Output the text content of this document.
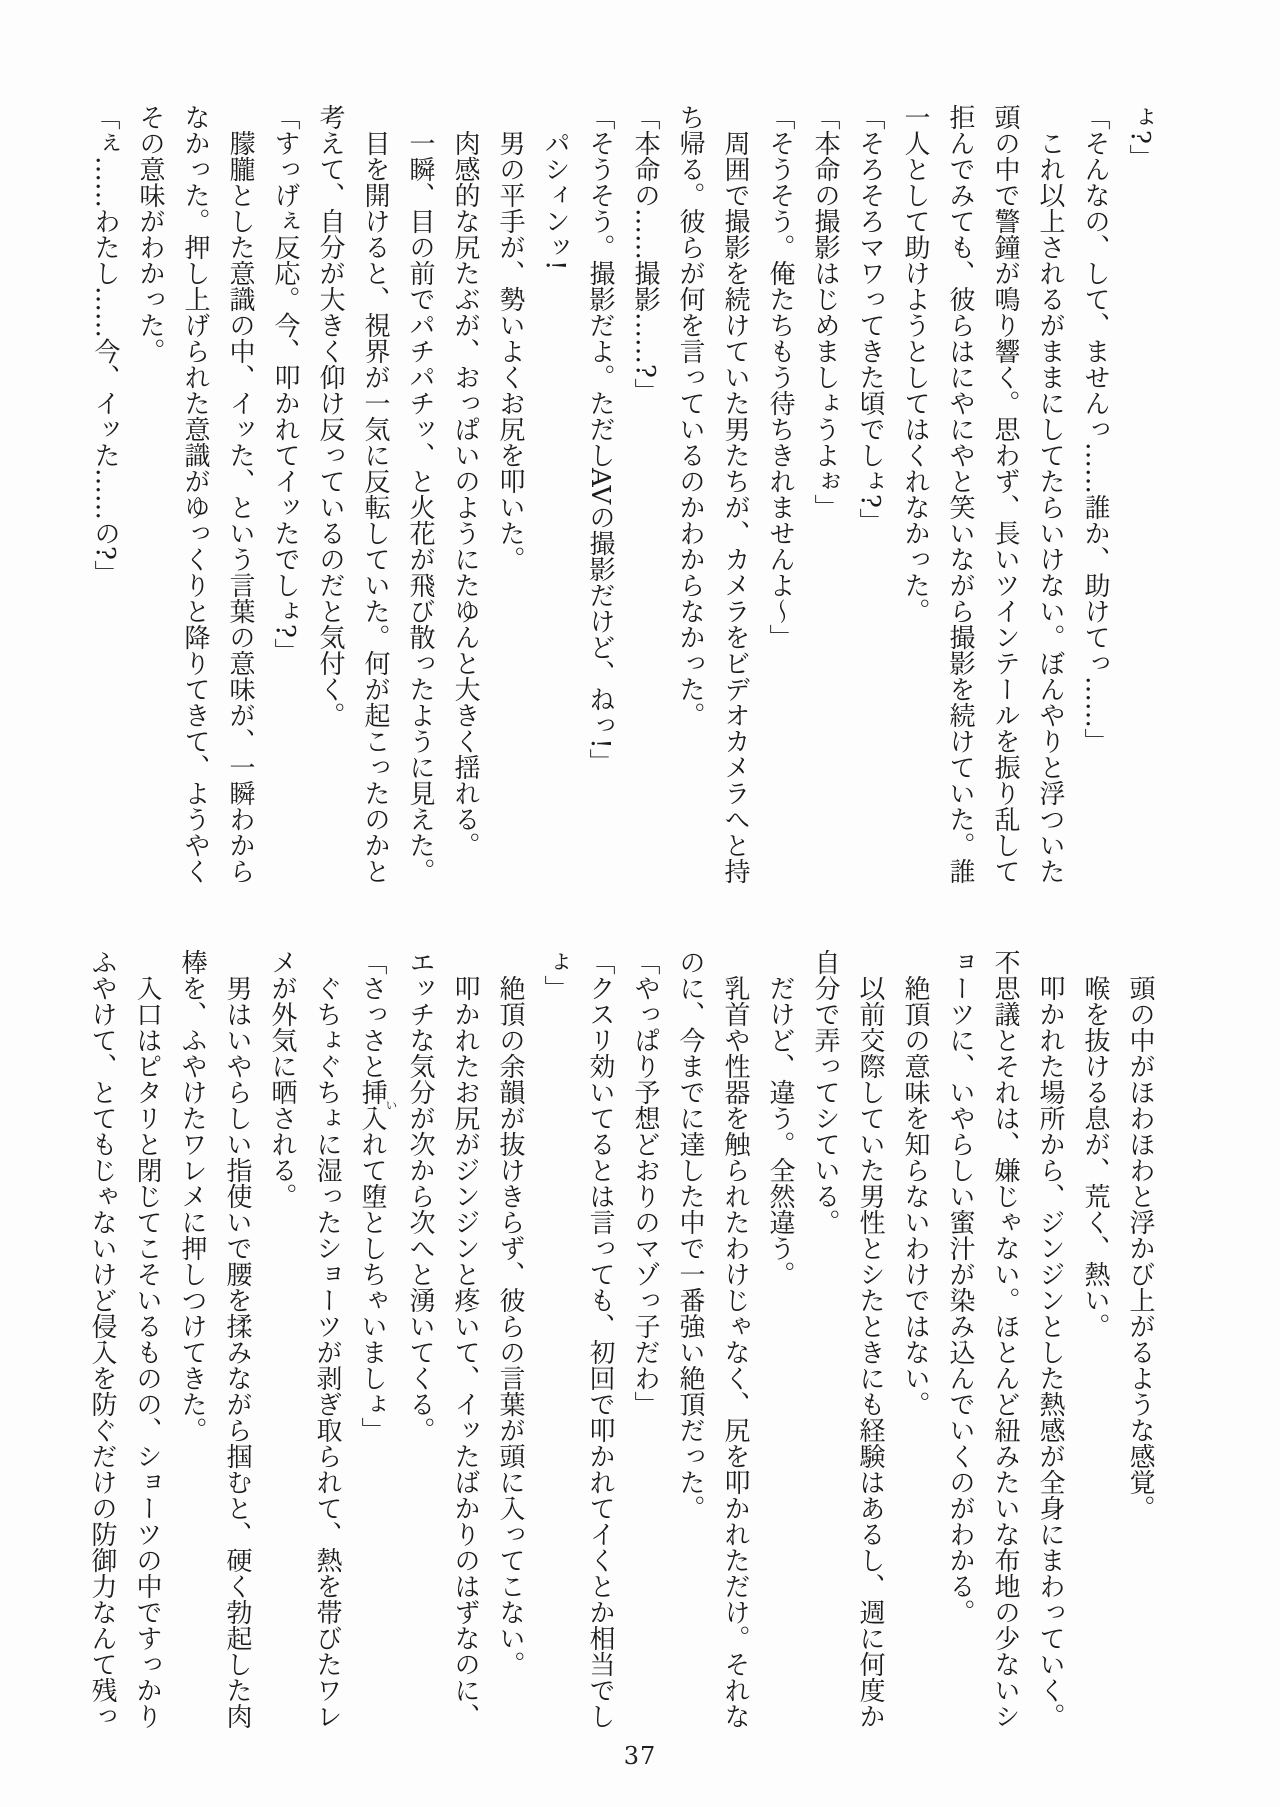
ょ?」

「そんなの、して、ませんっ……誰か、助けてっ……」

　これ以上されるがままにしてたらいけない。ぼんやりと浮ついた

頭の中で警鐘が鳴り響く。思わず、長いツインテールを振り乱して

拒んでみても、彼らはにやにやと笑いながら撮影を続けていた。誰

一人として助けようとしてはくれなかった。

「そろそろマワってきた頃でしょ?」

「本命の撮影はじめましょうよぉ」

「そうそう。俺たちもう待ちきれませんよ〜」

　周囲で撮影を続けていた男たちが、カメラをビデオカメラへと持

ち帰る。彼らが何を言っているのかわからなかった。

「本命の……撮影……?」

「そうそう。撮影だよ。ただしAVの撮影だけど、ねっ!」

　パシィンッ!

　男の平手が、勢いよくお尻を叩いた。

　肉感的な尻たぶが、おっぱいのようにたゆんと大きく揺れる。

　一瞬、目の前でパチパチッ、と火花が飛び散ったように見えた。

　目を開けると、視界が一気に反転していた。何が起こったのかと

考えて、自分が大きく仰け反っているのだと気付く。

「すっげぇ反応。今、叩かれてイッたでしょ?」

　朦朧とした意識の中、イッた、という言葉の意味が、一瞬わから

なかった。押し上げられた意識がゆっくりと降りてきて、ようやく

その意味がわかった。

「ぇ……わたし……今、イッた……の?」

　頭の中がほわほわと浮かび上がるような感覚。

　喉を抜ける息が、荒く、熱い。

　叩かれた場所から、ジンジンとした熱感が全身にまわっていく。

不思議とそれは、嫌じゃない。ほとんど紐みたいな布地の少ないシ

ョーツに、いやらしい蜜汁が染み込んでいくのがわかる。

　絶頂の意味を知らないわけではない。

　以前交際していた男性とシたときにも経験はあるし、週に何度か

自分で弄ってシている。

　だけど、違う。全然違う。

　乳首や性器を触られたわけじゃなく、尻を叩かれただけ。それな

のに、今までに達した中で一番強い絶頂だった。

「やっぱり予想どおりのマゾっ子だわ」

「クスリ効いてるとは言っても、初回で叩かれてイくとか相当でし

ょ」

　絶頂の余韻が抜けきらず、彼らの言葉が頭に入ってこない。

　叩かれたお尻がジンジンと疼いて、イッたばかりのはずなのに、

エッチな気分が次から次へと湧いてくる。

「さっさと挿入いれて堕としちゃいましょ」

　ぐちょぐちょに湿ったショーツが剥ぎ取られて、熱を帯びたワレ

メが外気に晒される。

　男はいやらしい指使いで腰を揉みながら掴むと、硬く勃起した肉

棒を、ふやけたワレメに押しつけてきた。

　入口はピタリと閉じてこそいるものの、ショーツの中ですっかり

ふやけて、とてもじゃないけど侵入を防ぐだけの防御力なんて残っ

37
